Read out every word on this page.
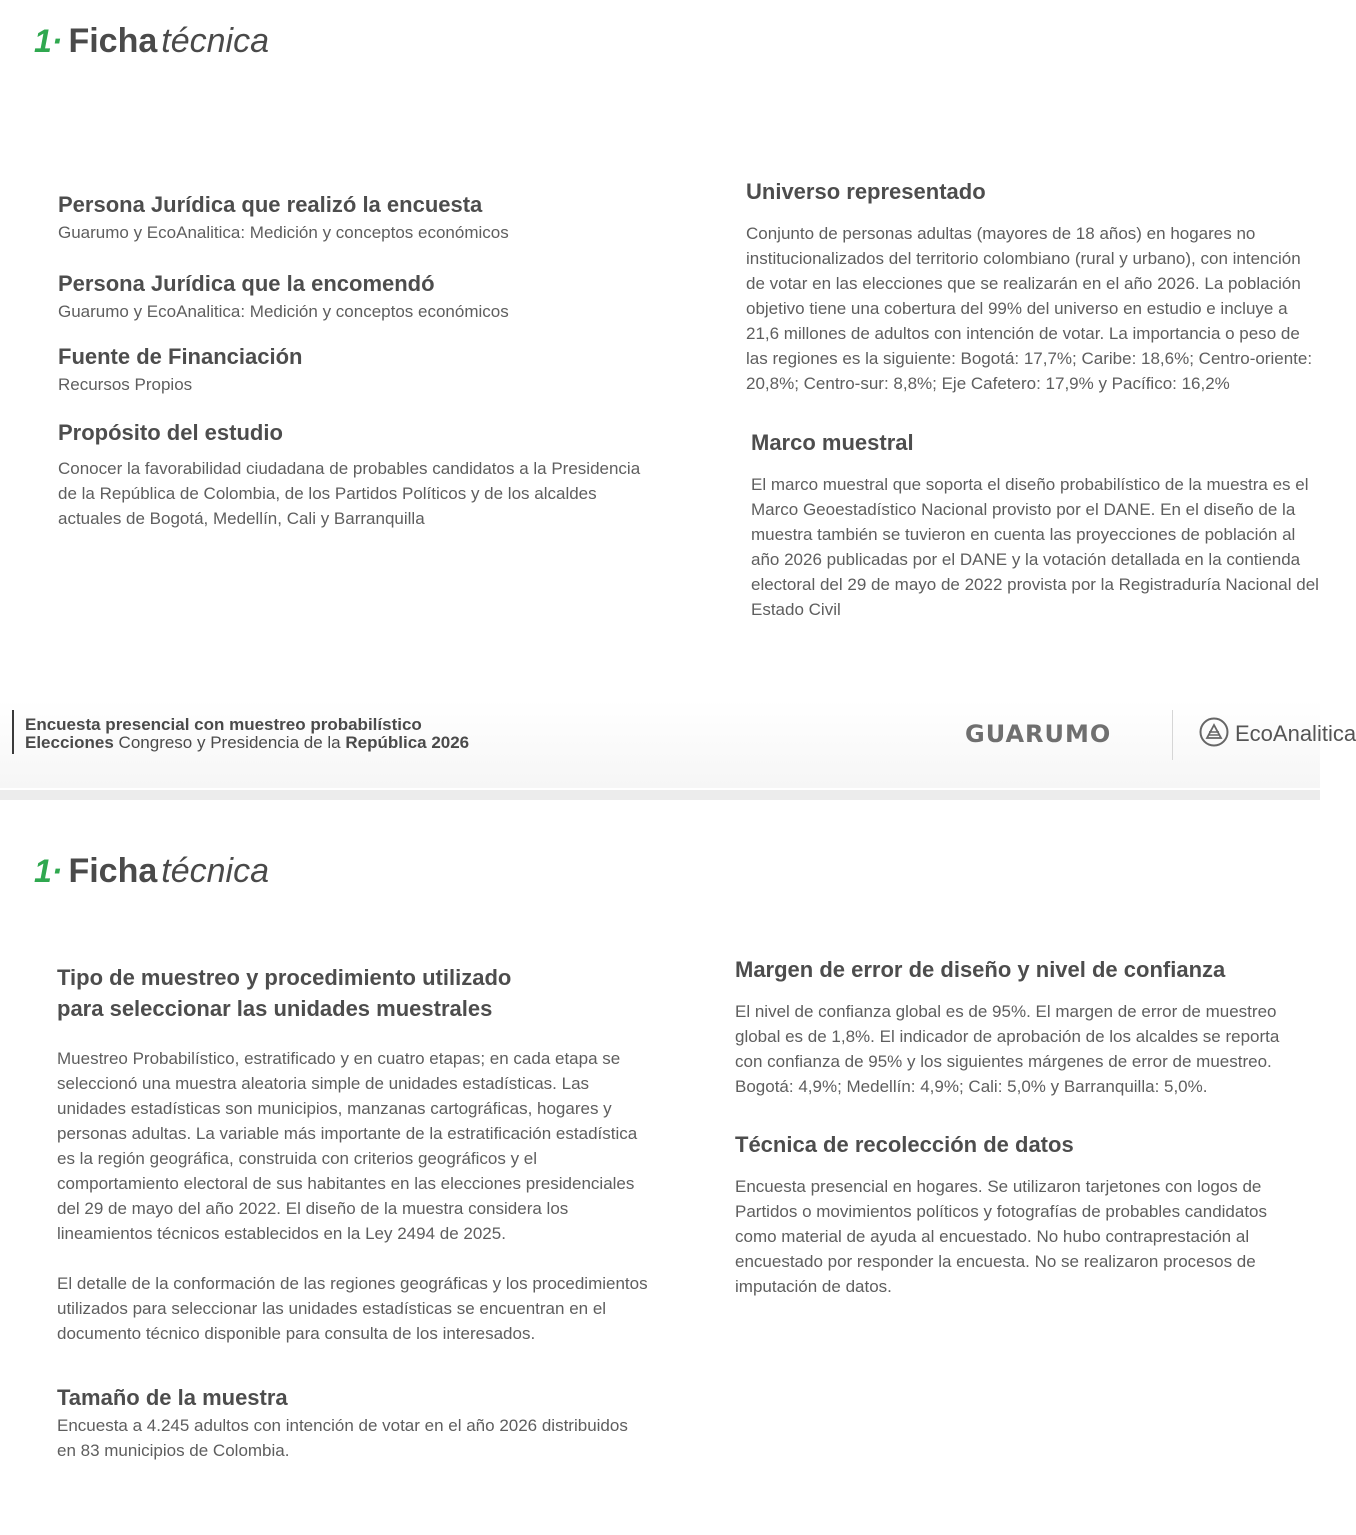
1· Ficha técnica

Persona Jurídica que realizó la encuesta

Guarumo y EcoAnalitica: Medición y conceptos económicos

Persona Jurídica que la encomendó

Guarumo y EcoAnalitica: Medición y conceptos económicos

Fuente de Financiación

Recursos Propios

Propósito del estudio

Conocer la favorabilidad ciudadana de probables candidatos a la Presidencia
de la República de Colombia, de los Partidos Políticos y de los alcaldes
actuales de Bogotá, Medellín, Cali y Barranquilla

Universo representado

Conjunto de personas adultas (mayores de 18 años) en hogares no
institucionalizados del territorio colombiano (rural y urbano), con intención
de votar en las elecciones que se realizarán en el año 2026. La población
objetivo tiene una cobertura del 99% del universo en estudio e incluye a
21,6 millones de adultos con intención de votar. La importancia o peso de
las regiones es la siguiente: Bogotá: 17,7%; Caribe: 18,6%; Centro-oriente:
20,8%; Centro-sur: 8,8%; Eje Cafetero: 17,9% y Pacífico: 16,2%

Marco muestral

El marco muestral que soporta el diseño probabilístico de la muestra es el
Marco Geoestadístico Nacional provisto por el DANE. En el diseño de la
muestra también se tuvieron en cuenta las proyecciones de población al
año 2026 publicadas por el DANE y la votación detallada en la contienda
electoral del 29 de mayo de 2022 provista por la Registraduría Nacional del
Estado Civil

Encuesta presencial con muestreo probabilístico
Elecciones Congreso y Presidencia de la República 2026	GUARUMO	EcoAnalitica
1· Ficha técnica

Tipo de muestreo y procedimiento utilizado
para seleccionar las unidades muestrales

Muestreo Probabilístico, estratificado y en cuatro etapas; en cada etapa se
seleccionó una muestra aleatoria simple de unidades estadísticas. Las
unidades estadísticas son municipios, manzanas cartográficas, hogares y
personas adultas. La variable más importante de la estratificación estadística
es la región geográfica, construida con criterios geográficos y el
comportamiento electoral de sus habitantes en las elecciones presidenciales
del 29 de mayo del año 2022. El diseño de la muestra considera los
lineamientos técnicos establecidos en la Ley 2494 de 2025.

El detalle de la conformación de las regiones geográficas y los procedimientos
utilizados para seleccionar las unidades estadísticas se encuentran en el
documento técnico disponible para consulta de los interesados.

Tamaño de la muestra

Encuesta a 4.245 adultos con intención de votar en el año 2026 distribuidos
en 83 municipios de Colombia.

Margen de error de diseño y nivel de confianza

El nivel de confianza global es de 95%. El margen de error de muestreo
global es de 1,8%. El indicador de aprobación de los alcaldes se reporta
con confianza de 95% y los siguientes márgenes de error de muestreo.
Bogotá: 4,9%; Medellín: 4,9%; Cali: 5,0% y Barranquilla: 5,0%.

Técnica de recolección de datos

Encuesta presencial en hogares. Se utilizaron tarjetones con logos de
Partidos o movimientos políticos y fotografías de probables candidatos
como material de ayuda al encuestado. No hubo contraprestación al
encuestado por responder la encuesta. No se realizaron procesos de
imputación de datos.
